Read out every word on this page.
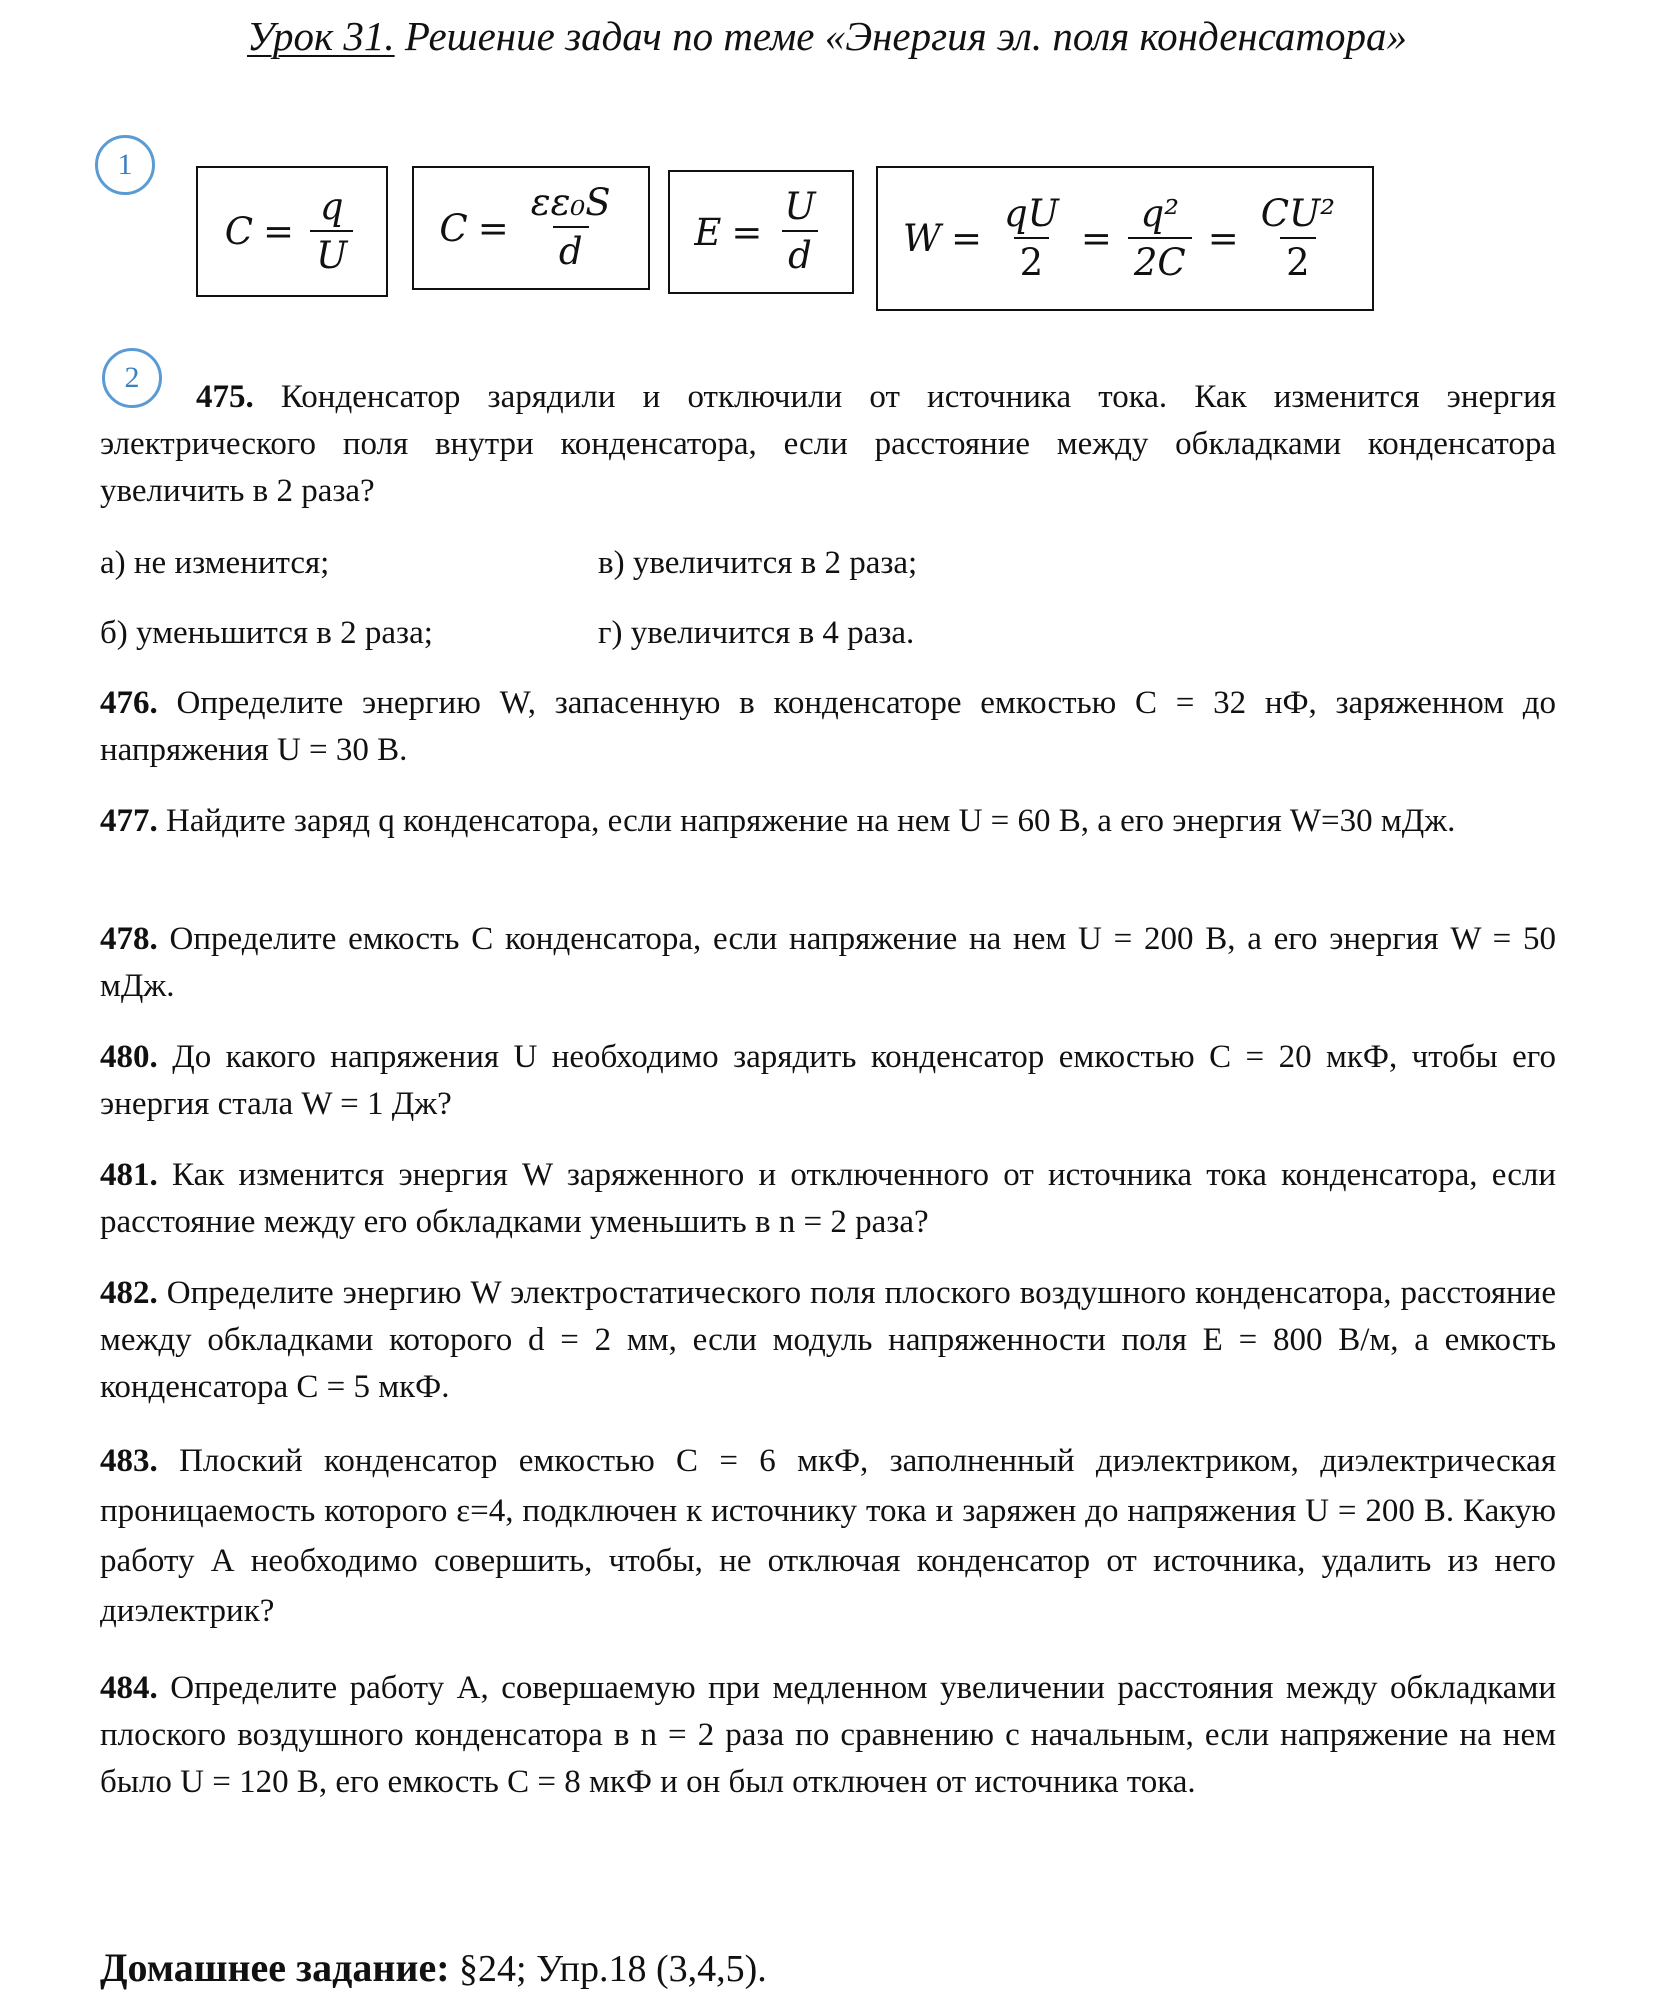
Урок 31. Решение задач по теме «Энергия эл. поля конденсатора»
1
$C = \frac{q}{U}$ $C = \frac{\text{εε₀S}}{d}$ $E = \frac{U}{d}$ $W = \frac{qU}{2} = \frac{\text{q²}}{2C} = \frac{\text{CU²}}{2}$
2
475. Конденсатор зарядили и отключили от источника тока. Как изменится энергия электрического поля внутри конденсатора, если расстояние между обкладками конденсатора увеличить в 2 раза?
а) не изменится;	в) увеличится в 2 раза;
б) уменьшится в 2 раза;	г) увеличится в 4 раза.
476. Определите энергию W, запасенную в конденсаторе емкостью С = 32 нФ, заряженном до напряжения U = 30 В.
477. Найдите заряд q конденсатора, если напряжение на нем U = 60 В, а его энергия W=30 мДж.
478. Определите емкость С конденсатора, если напряжение на нем U = 200 В, а его энергия W = 50 мДж.
480. До какого напряжения U необходимо зарядить конденсатор емкостью С = 20 мкФ, чтобы его энергия стала W = 1 Дж?
481. Как изменится энергия W заряженного и отключенного от источника тока конденсатора, если расстояние между его обкладками уменьшить в n = 2 раза?
482. Определите энергию W электростатического поля плоского воздушного конденсатора, расстояние между обкладками которого d = 2 мм, если модуль напряженности поля E = 800 В/м, а емкость конденсатора С = 5 мкФ.
483. Плоский конденсатор емкостью С = 6 мкФ, заполненный диэлектриком, диэлектрическая проницаемость которого ε=4, подключен к источнику тока и заряжен до напряжения U = 200 В. Какую работу А необходимо совершить, чтобы, не отключая конденсатор от источника, удалить из него диэлектрик?
484. Определите работу А, совершаемую при медленном увеличении расстояния между обкладками плоского воздушного конденсатора в n = 2 раза по сравнению с начальным, если напряжение на нем было U = 120 В, его емкость С = 8 мкФ и он был отключен от источника тока.
Домашнее задание: §24; Упр.18 (3,4,5).
